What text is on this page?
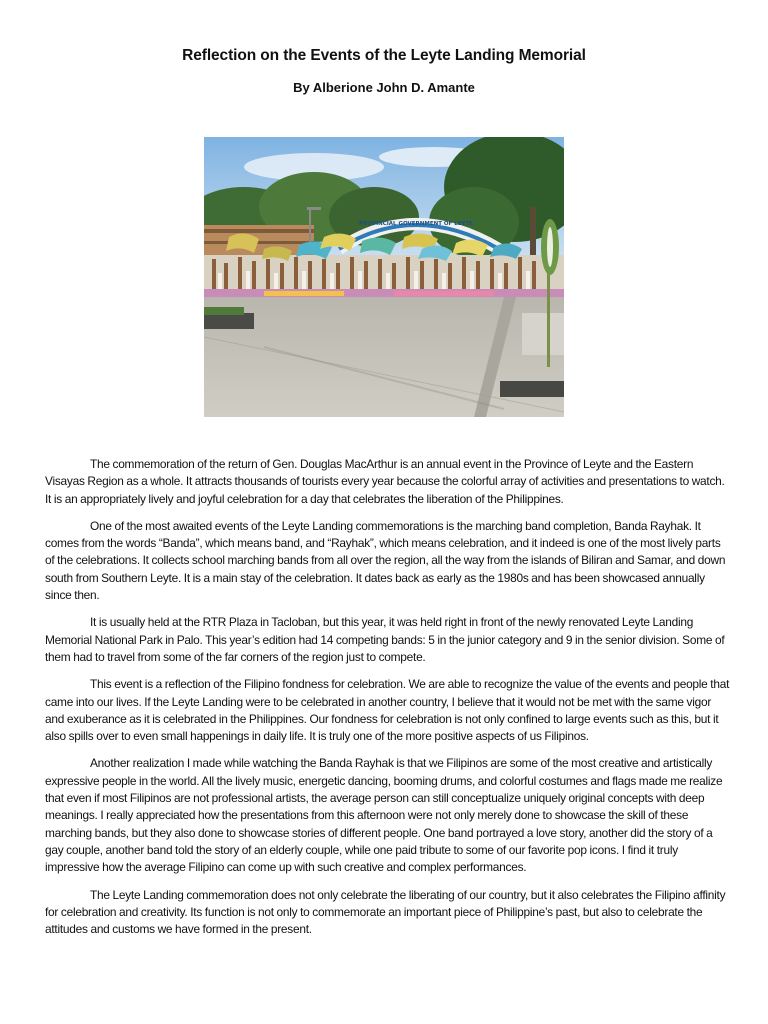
Reflection on the Events of the Leyte Landing Memorial
By Alberione John D. Amante
PROVINCIAL GOVERNMENT OF LEYTE

The commemoration of the return of Gen. Douglas MacArthur is an annual event in the Province of Leyte and the Eastern Visayas Region as a whole. It attracts thousands of tourists every year because the colorful array of activities and presentations to watch. It is an appropriately lively and joyful celebration for a day that celebrates the liberation of the Philippines.

One of the most awaited events of the Leyte Landing commemorations is the marching band completion, Banda Rayhak. It comes from the words “Banda”, which means band, and “Rayhak”, which means celebration, and it indeed is one of the most lively parts of the celebrations. It collects school marching bands from all over the region, all the way from the islands of Biliran and Samar, and down south from Southern Leyte. It is a main stay of the celebration. It dates back as early as the 1980s and has been showcased annually since then.

It is usually held at the RTR Plaza in Tacloban, but this year, it was held right in front of the newly renovated Leyte Landing Memorial National Park in Palo. This year’s edition had 14 competing bands: 5 in the junior category and 9 in the senior division. Some of them had to travel from some of the far corners of the region just to compete.

This event is a reflection of the Filipino fondness for celebration. We are able to recognize the value of the events and people that came into our lives. If the Leyte Landing were to be celebrated in another country, I believe that it would not be met with the same vigor and exuberance as it is celebrated in the Philippines. Our fondness for celebration is not only confined to large events such as this, but it also spills over to even small happenings in daily life. It is truly one of the more positive aspects of us Filipinos.

Another realization I made while watching the Banda Rayhak is that we Filipinos are some of the most creative and artistically expressive people in the world. All the lively music, energetic dancing, booming drums, and colorful costumes and flags made me realize that even if most Filipinos are not professional artists, the average person can still conceptualize uniquely original concepts with deep meanings. I really appreciated how the presentations from this afternoon were not only merely done to showcase the skill of these marching bands, but they also done to showcase stories of different people. One band portrayed a love story, another did the story of a gay couple, another band told the story of an elderly couple, while one paid tribute to some of our favorite pop icons. I find it truly impressive how the average Filipino can come up with such creative and complex performances.

The Leyte Landing commemoration does not only celebrate the liberating of our country, but it also celebrates the Filipino affinity for celebration and creativity. Its function is not only to commemorate an important piece of Philippine’s past, but also to celebrate the attitudes and customs we have formed in the present.
